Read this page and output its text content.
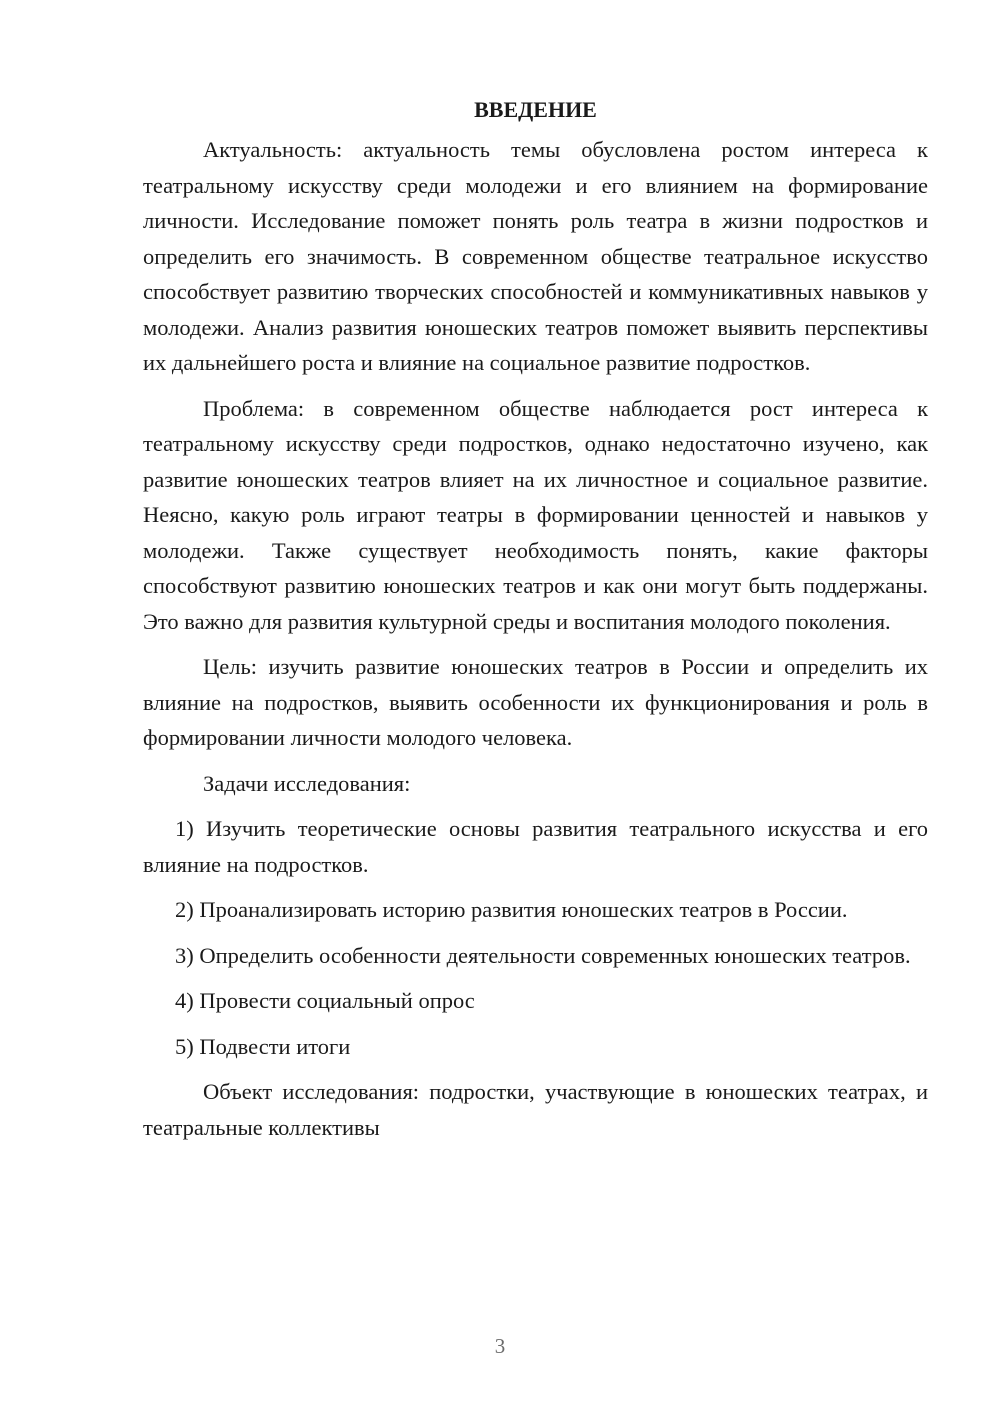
ВВЕДЕНИЕ

Актуальность: актуальность темы обусловлена ростом интереса к театральному искусству среди молодежи и его влиянием на формирование личности. Исследование поможет понять роль театра в жизни подростков и определить его значимость. В современном обществе театральное искусство способствует развитию творческих способностей и коммуникативных навыков у молодежи. Анализ развития юношеских театров поможет выявить перспективы их дальнейшего роста и влияние на социальное развитие подростков.

Проблема: в современном обществе наблюдается рост интереса к театральному искусству среди подростков, однако недостаточно изучено, как развитие юношеских театров влияет на их личностное и социальное развитие. Неясно, какую роль играют театры в формировании ценностей и навыков у молодежи. Также существует необходимость понять, какие факторы способствуют развитию юношеских театров и как они могут быть поддержаны. Это важно для развития культурной среды и воспитания молодого поколения.

Цель: изучить развитие юношеских театров в России и определить их влияние на подростков, выявить особенности их функционирования и роль в формировании личности молодого человека.

Задачи исследования:

1) Изучить теоретические основы развития театрального искусства и его влияние на подростков.

2) Проанализировать историю развития юношеских театров в России.

3) Определить особенности деятельности современных юношеских театров.

4) Провести социальный опрос

5) Подвести итоги

Объект исследования: подростки, участвующие в юношеских театрах, и театральные коллективы

3
